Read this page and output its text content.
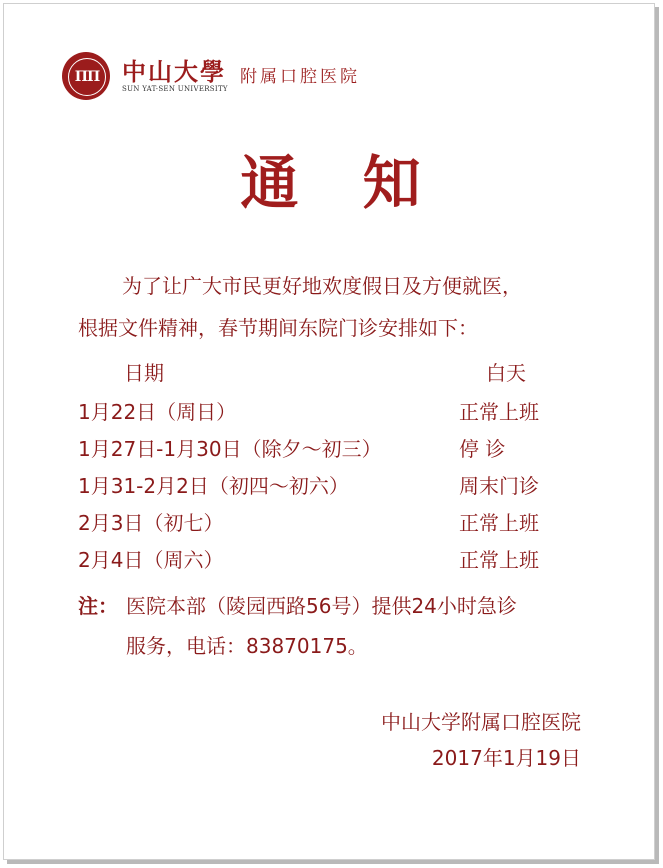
ΠΠ 中山大學
SUN YAT-SEN UNIVERSITY
附属口腔医院
通 知
为了让广大市民更好地欢度假日及方便就医，
根据文件精神，春节期间东院门诊安排如下：
日期	白天
1月22日（周日）	正常上班
1月27日-1月30日（除夕～初三）	停 诊
1月31-2月2日（初四～初六）	周末门诊
2月3日（初七）	正常上班
2月4日（周六）	正常上班
注： 医院本部（陵园西路56号）提供24小时急诊
服务，电话：83870175。
中山大学附属口腔医院
2017年1月19日
